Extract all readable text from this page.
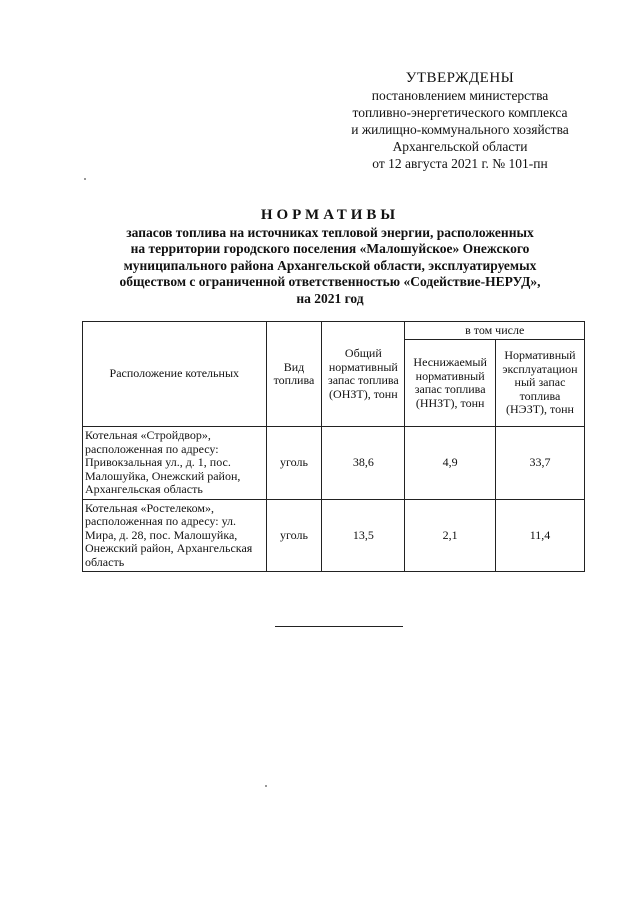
УТВЕРЖДЕНЫ
постановлением министерства
топливно-энергетического комплекса
и жилищно-коммунального хозяйства
Архангельской области
от 12 августа 2021 г. № 101-пн
НОРМАТИВЫ
запасов топлива на источниках тепловой энергии, расположенных
на территории городского поселения «Малошуйское» Онежского
муниципального района Архангельской области, эксплуатируемых
обществом с ограниченной ответственностью «Содействие-НЕРУД»,
на 2021 год
Расположение котельных	Вид топлива	Общий нормативный запас топлива (ОНЗТ), тонн	в том числе	
			Неснижаемый нормативный запас топлива (ННЗТ), тонн	Нормативный эксплуатацион ный запас топлива (НЭЗТ), тонн
Котельная «Стройдвор», расположенная по адресу: Привокзальная ул., д. 1, пос. Малошуйка, Онежский район, Архангельская область	уголь	38,6	4,9	33,7
Котельная «Ростелеком», расположенная по адресу: ул. Мира, д. 28, пос. Малошуйка, Онежский район, Архангельская область	уголь	13,5	2,1	11,4
